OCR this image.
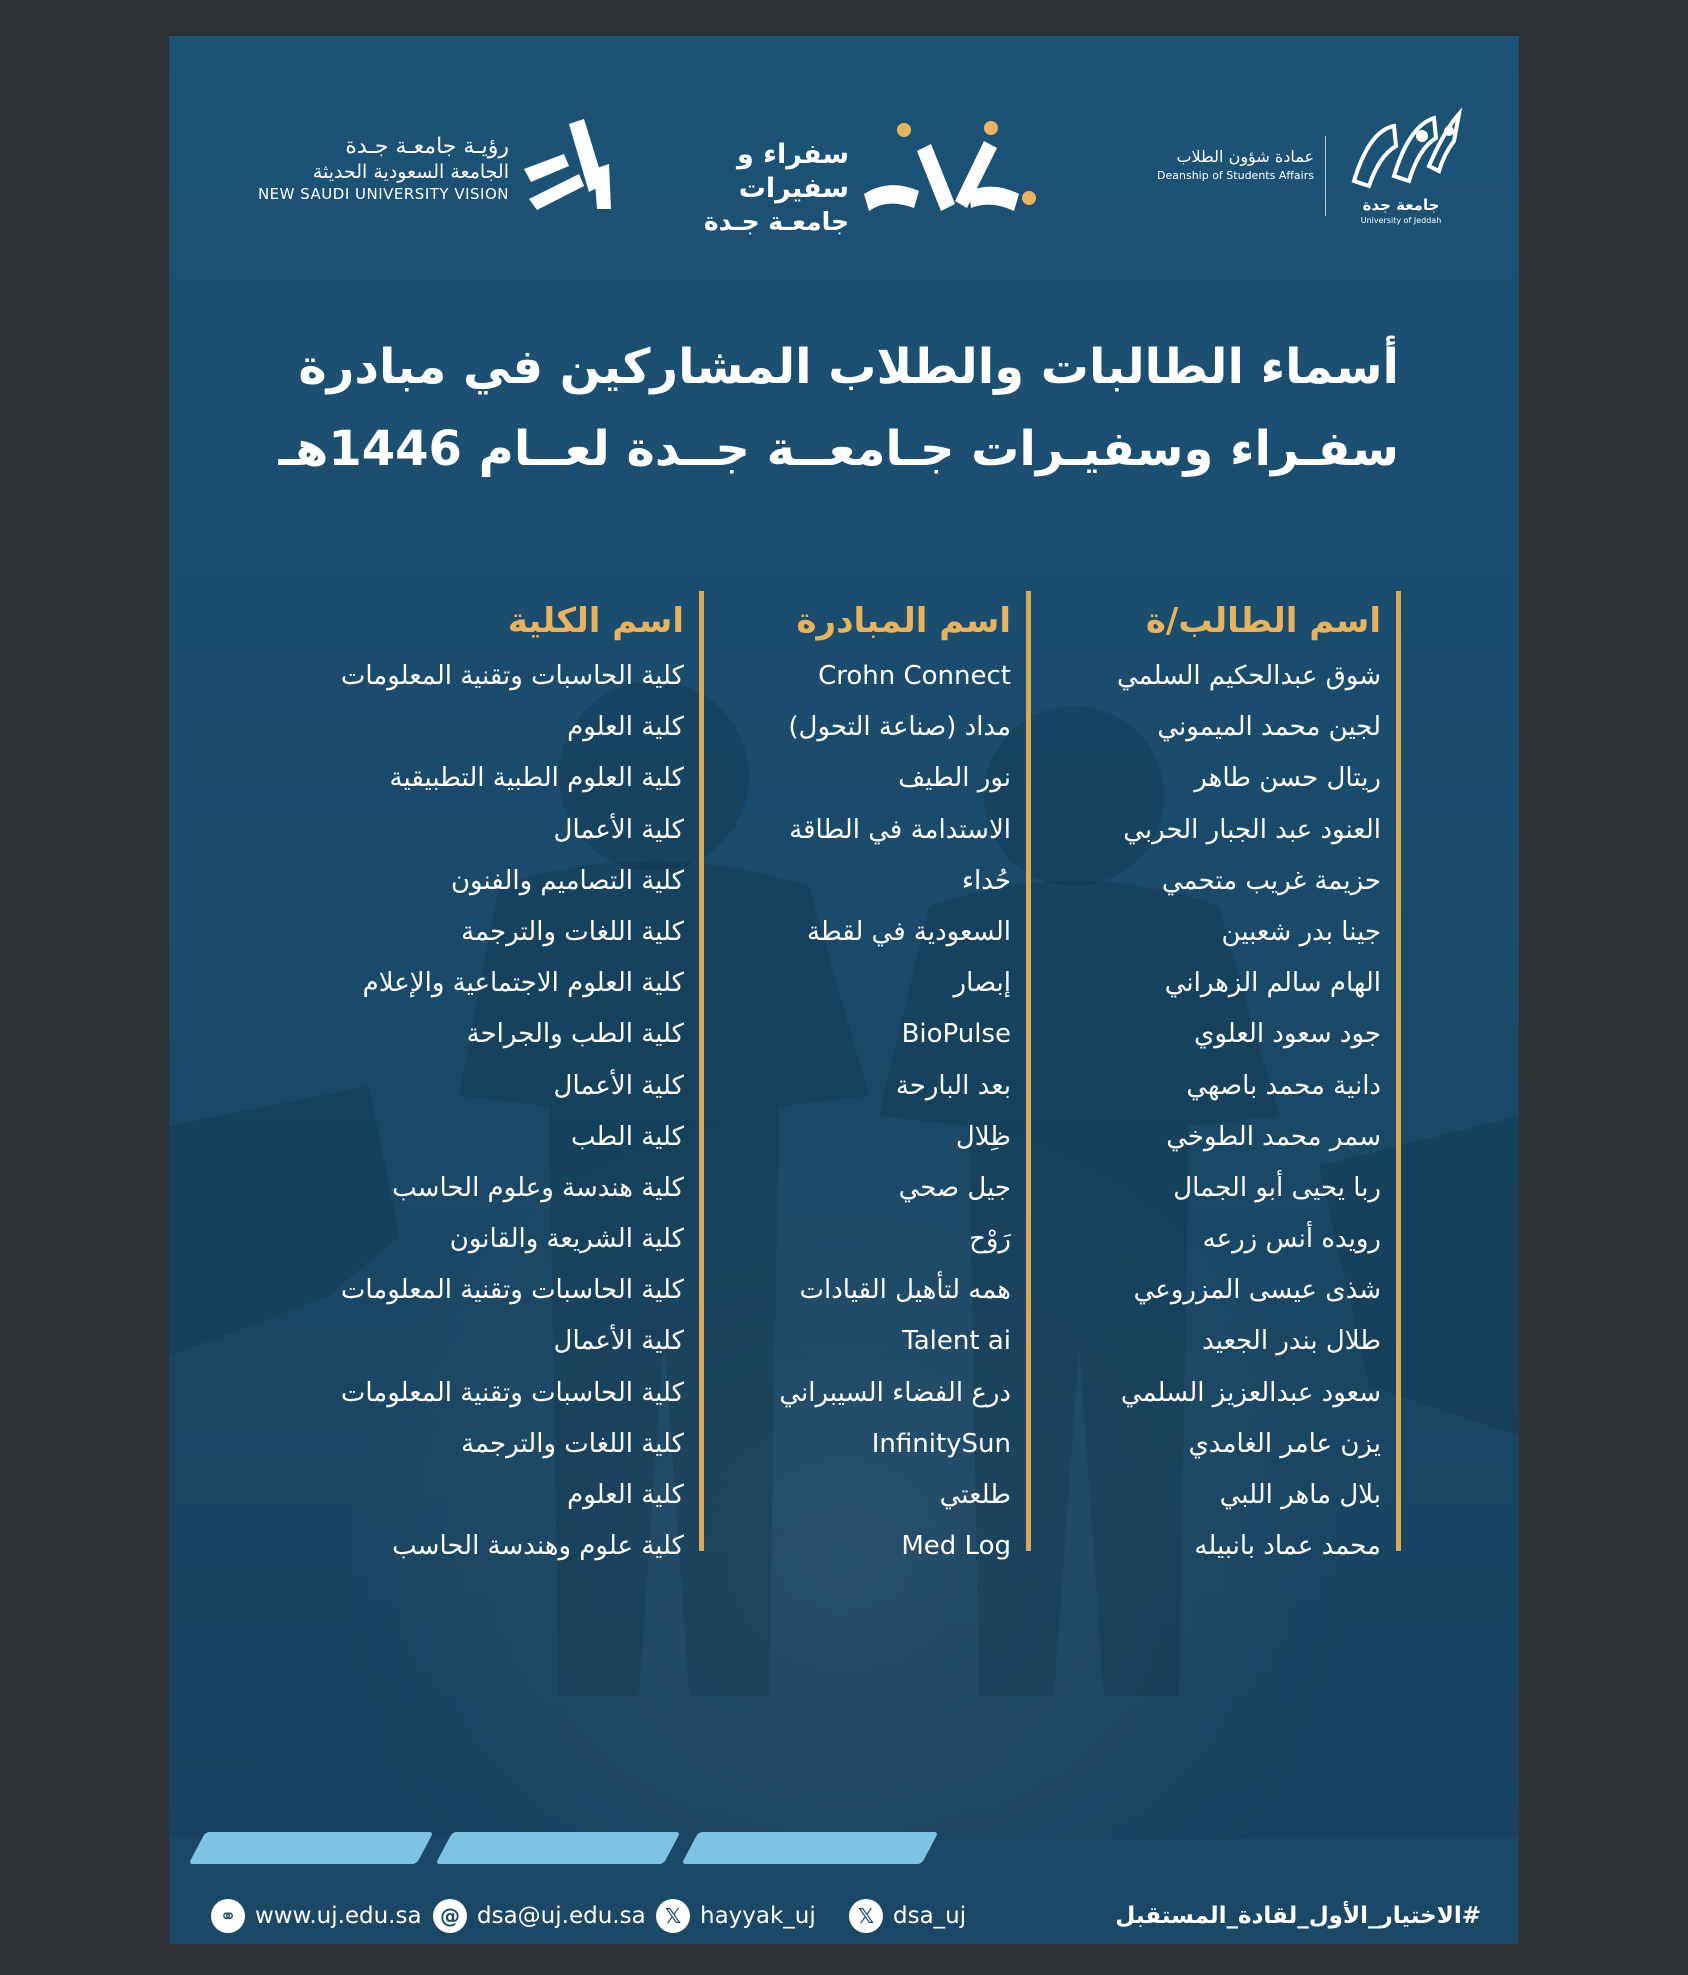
رؤيـة جامعـة جـدة
الجامعة السعودية الحديثة
NEW SAUDI UNIVERSITY VISION
سفراء و سفيرات
جامعـة جـدة
عمادة شؤون الطلاب
Deanship of Students Affairs
جامعة جدة
University of Jeddah
أسماء الطالبات والطلاب المشاركين في مبادرة
سفـراء وسفيـرات جـامعــة جــدة لعــام 1446هـ
اسم الطالب/ة
شوق عبدالحكيم السلمي
لجين محمد الميموني
ريتال حسن طاهر
العنود عبد الجبار الحربي
حزيمة غريب متحمي
جينا بدر شعبين
الهام سالم الزهراني
جود سعود العلوي
دانية محمد باصهي
سمر محمد الطوخي
ربا يحيى أبو الجمال
رويده أنس زرعه
شذى عيسى المزروعي
طلال بندر الجعيد
سعود عبدالعزيز السلمي
يزن عامر الغامدي
بلال ماهر اللبي
محمد عماد بانبيله
اسم المبادرة
Crohn Connect
مداد (صناعة التحول)
نور الطيف
الاستدامة في الطاقة
حُداء
السعودية في لقطة
إبصار
BioPulse
بعد البارحة
ظِلال
جيل صحي
رَوْح
همه لتأهيل القيادات
Talent ai
درع الفضاء السيبراني
InfinitySun
طلعتي
Med Log
اسم الكلية
كلية الحاسبات وتقنية المعلومات
كلية العلوم
كلية العلوم الطبية التطبيقية
كلية الأعمال
كلية التصاميم والفنون
كلية اللغات والترجمة
كلية العلوم الاجتماعية والإعلام
كلية الطب والجراحة
كلية الأعمال
كلية الطب
كلية هندسة وعلوم الحاسب
كلية الشريعة والقانون
كلية الحاسبات وتقنية المعلومات
كلية الأعمال
كلية الحاسبات وتقنية المعلومات
كلية اللغات والترجمة
كلية العلوم
كلية علوم وهندسة الحاسب
⚭ www.uj.edu.sa @ dsa@uj.edu.sa 𝕏 hayyak_uj	𝕏 dsa_uj	#الاختيار_الأول_لقادة_المستقبل
